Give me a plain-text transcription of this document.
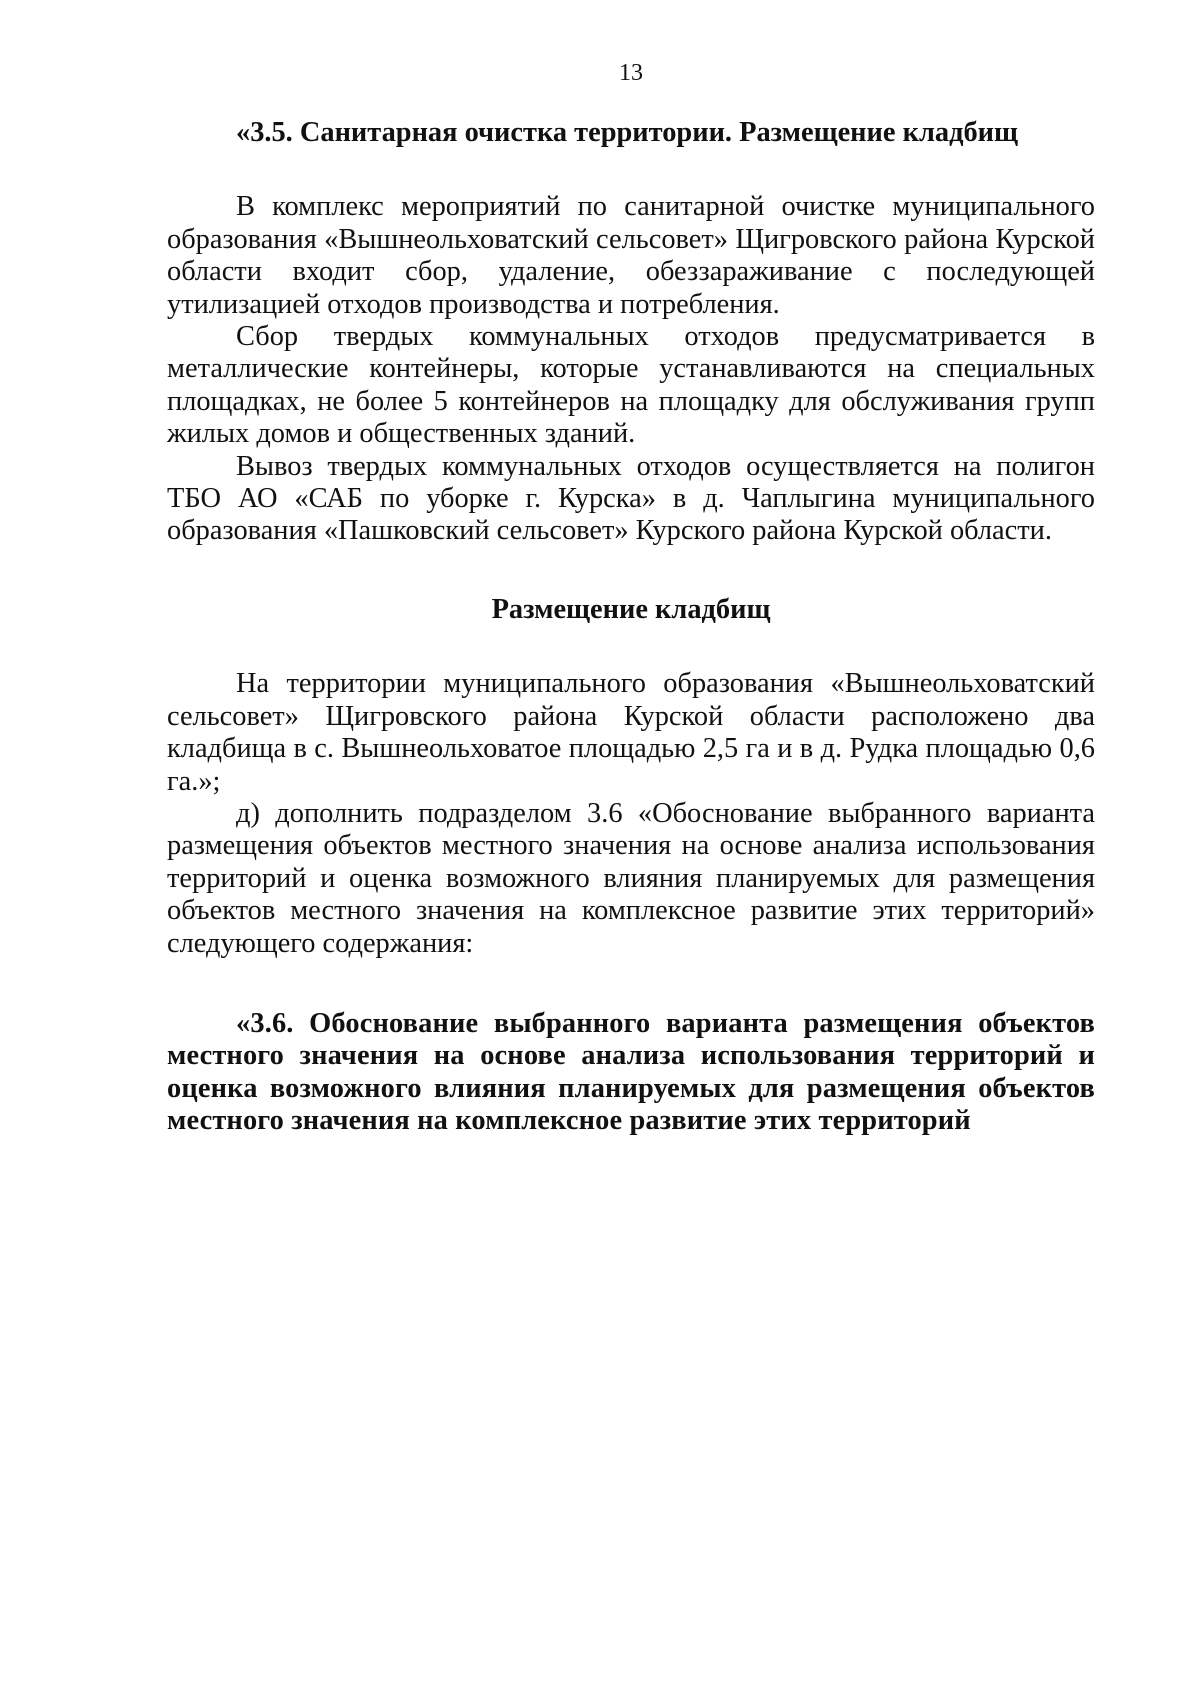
13

«3.5. Санитарная очистка территории. Размещение кладбищ

В комплекс мероприятий по санитарной очистке муниципального образования «Вышнеольховатский сельсовет» Щигровского района Курской области входит сбор, удаление, обеззараживание с последующей утилизацией отходов производства и потребления.

Сбор твердых коммунальных отходов предусматривается в металлические контейнеры, которые устанавливаются на специальных площадках, не более 5 контейнеров на площадку для обслуживания групп жилых домов и общественных зданий.

Вывоз твердых коммунальных отходов осуществляется на полигон ТБО АО «САБ по уборке г. Курска» в д. Чаплыгина муниципального образования «Пашковский сельсовет» Курского района Курской области.

Размещение кладбищ

На территории муниципального образования «Вышнеольховатский сельсовет» Щигровского района Курской области расположено два кладбища в с. Вышнеольховатое площадью 2,5 га и в д. Рудка площадью 0,6 га.»;

д) дополнить подразделом 3.6 «Обоснование выбранного варианта размещения объектов местного значения на основе анализа использования территорий и оценка возможного влияния планируемых для размещения объектов местного значения на комплексное развитие этих территорий» следующего содержания:

«3.6. Обоснование выбранного варианта размещения объектов местного значения на основе анализа использования территорий и оценка возможного влияния планируемых для размещения объектов местного значения на комплексное развитие этих территорий
